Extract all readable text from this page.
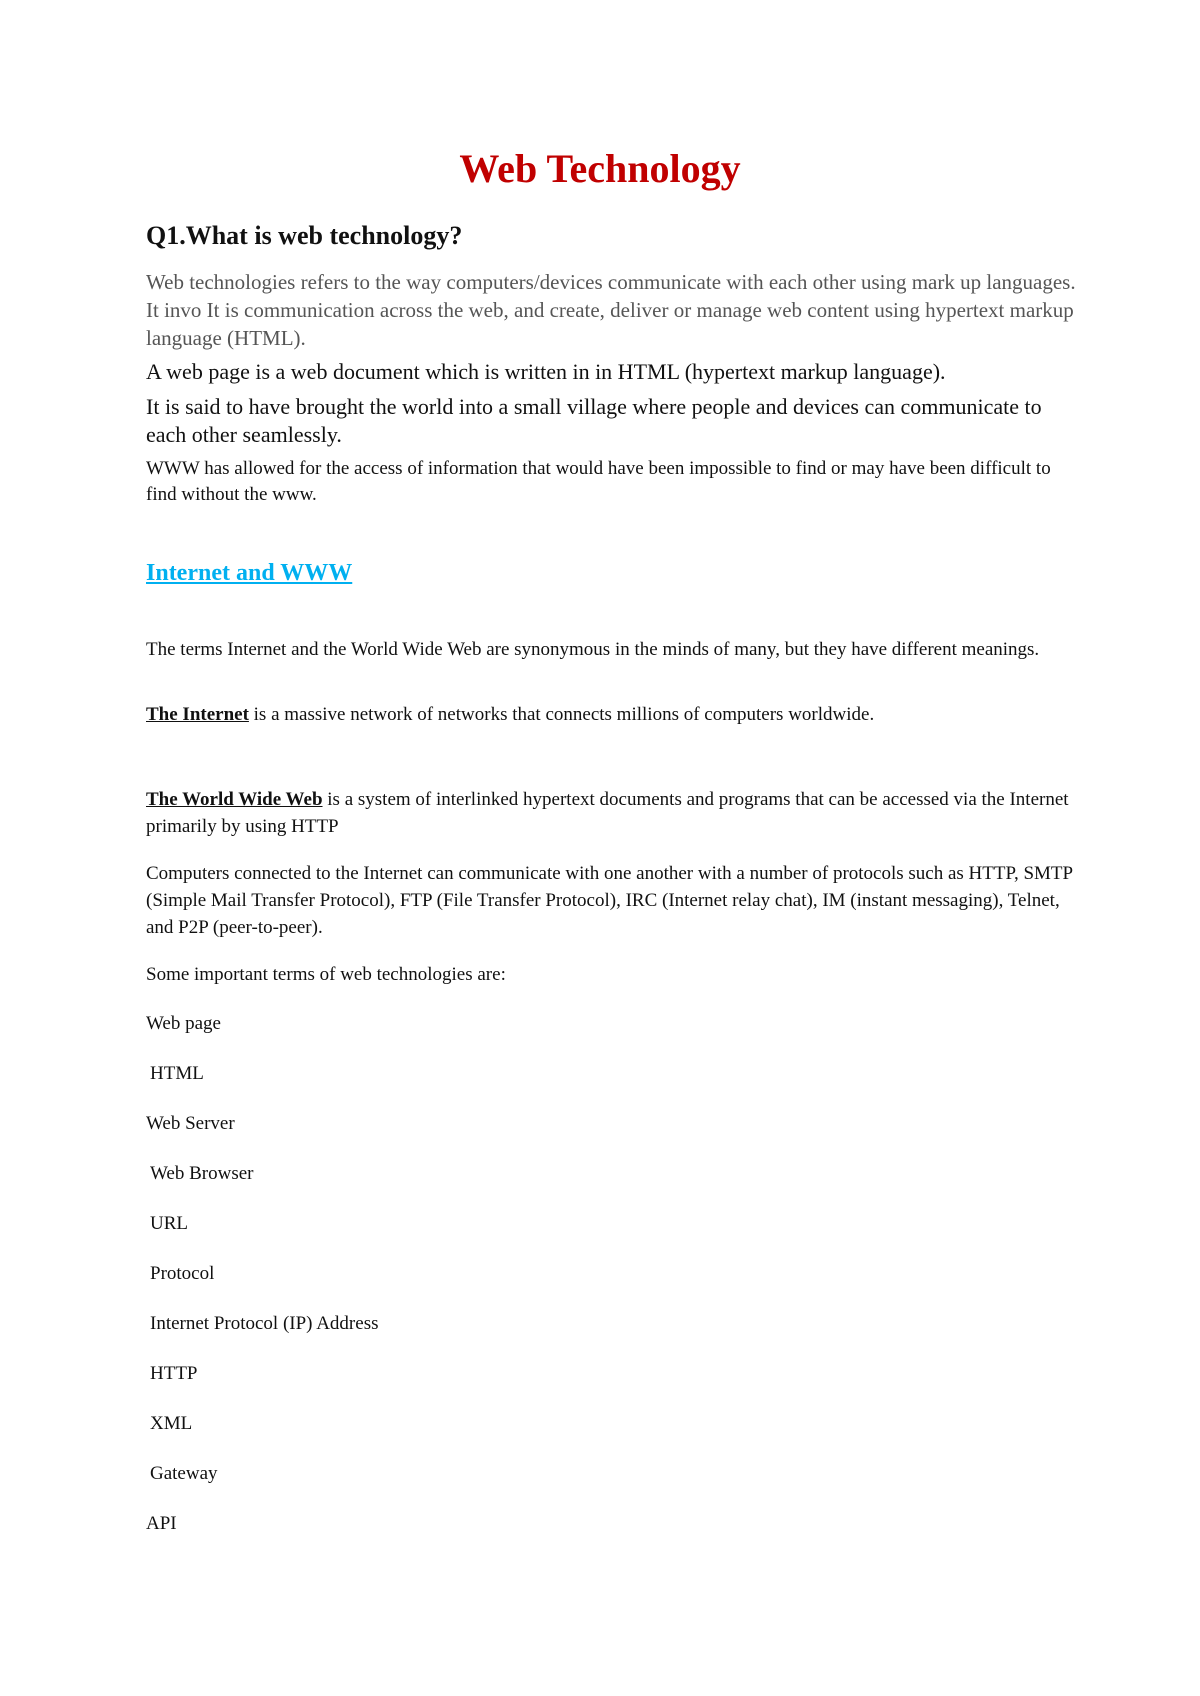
Web Technology
Q1.What is web technology?

Web technologies refers to the way computers/devices communicate with each other using mark up languages. It invo It is communication across the web, and create, deliver or manage web content using hypertext markup language (HTML).

A web page is a web document which is written in in HTML (hypertext markup language).

It is said to have brought the world into a small village where people and devices can communicate to each other seamlessly.

WWW has allowed for the access of information that would have been impossible to find or may have been difficult to find without the www.

Internet and WWW

The terms Internet and the World Wide Web are synonymous in the minds of many, but they have different meanings.

The Internet is a massive network of networks that connects millions of computers worldwide.

The World Wide Web is a system of interlinked hypertext documents and programs that can be accessed via the Internet primarily by using HTTP

Computers connected to the Internet can communicate with one another with a number of protocols such as HTTP, SMTP (Simple Mail Transfer Protocol), FTP (File Transfer Protocol), IRC (Internet relay chat), IM (instant messaging), Telnet, and P2P (peer-to-peer).

Some important terms of web technologies are:

Web page
HTML
Web Server
Web Browser
URL
Protocol
Internet Protocol (IP) Address
HTTP
XML
Gateway
API
